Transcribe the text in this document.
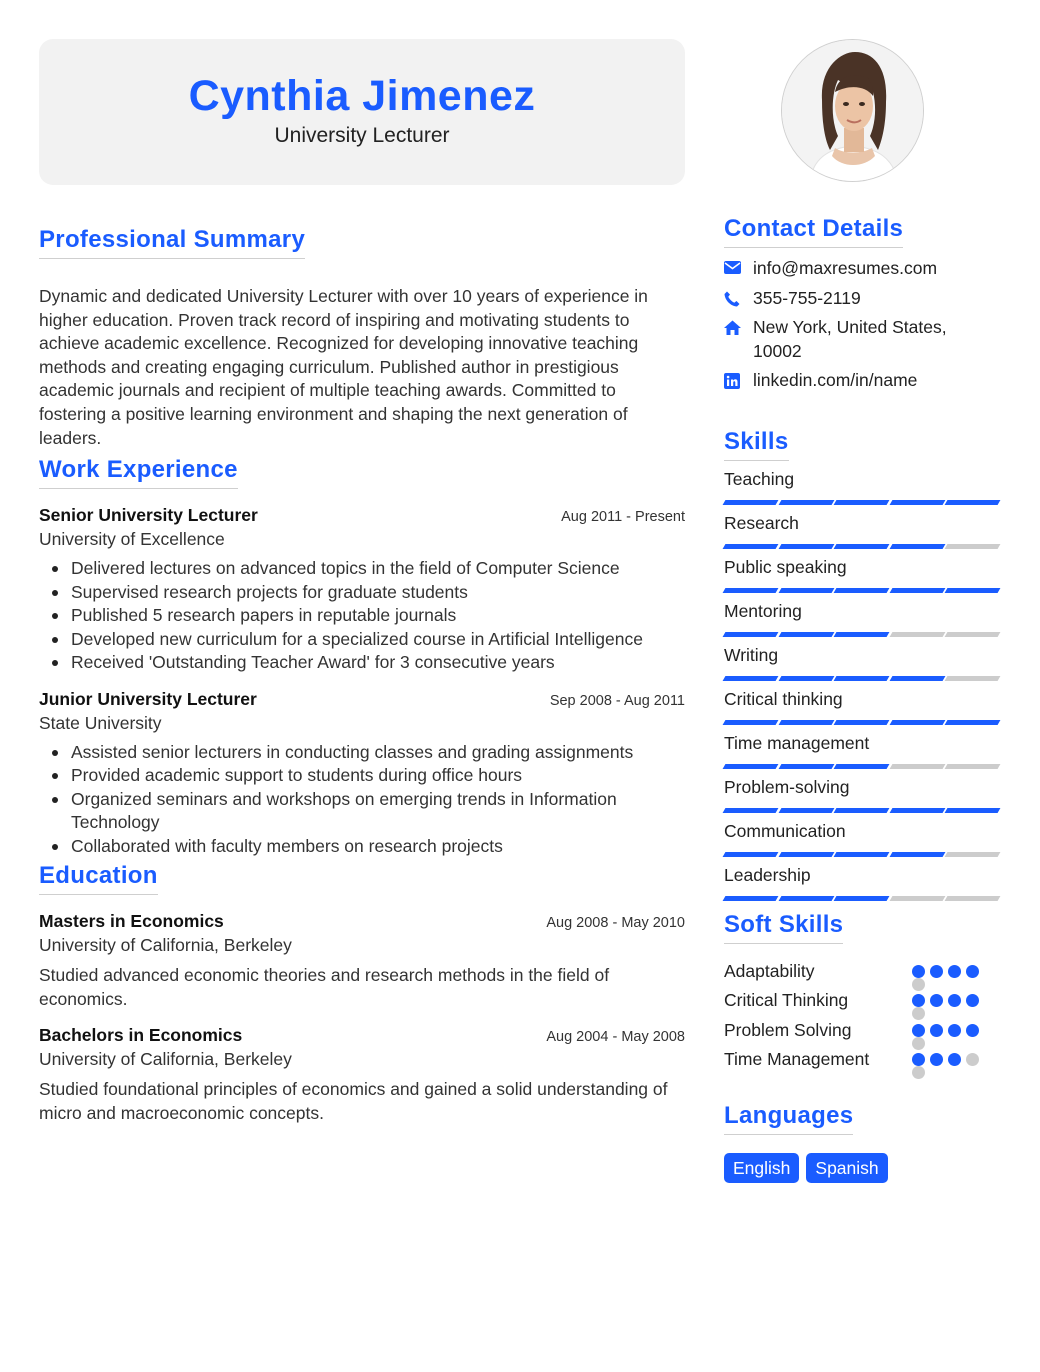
Cynthia Jimenez
University Lecturer
Professional Summary

Dynamic and dedicated University Lecturer with over 10 years of experience in higher education. Proven track record of inspiring and motivating students to achieve academic excellence. Recognized for developing innovative teaching methods and creating engaging curriculum. Published author in prestigious academic journals and recipient of multiple teaching awards. Committed to fostering a positive learning environment and shaping the next generation of leaders.

Work Experience
Senior University Lecturer	Aug 2011 - Present
University of Excellence
Delivered lectures on advanced topics in the field of Computer Science
Supervised research projects for graduate students
Published 5 research papers in reputable journals
Developed new curriculum for a specialized course in Artificial Intelligence
Received 'Outstanding Teacher Award' for 3 consecutive years
Junior University Lecturer	Sep 2008 - Aug 2011
State University
Assisted senior lecturers in conducting classes and grading assignments
Provided academic support to students during office hours
Organized seminars and workshops on emerging trends in Information Technology
Collaborated with faculty members on research projects
Education
Masters in Economics	Aug 2008 - May 2010
University of California, Berkeley

Studied advanced economic theories and research methods in the field of economics.

Bachelors in Economics	Aug 2004 - May 2008
University of California, Berkeley

Studied foundational principles of economics and gained a solid understanding of micro and macroeconomic concepts.

Contact Details
info@maxresumes.com
355-755-2119
New York, United States, 10002
linkedin.com/in/name
Skills
Teaching
Research
Public speaking
Mentoring
Writing
Critical thinking
Time management
Problem-solving
Communication
Leadership
Soft Skills
Adaptability
Critical Thinking
Problem Solving
Time Management
Languages
English	Spanish
